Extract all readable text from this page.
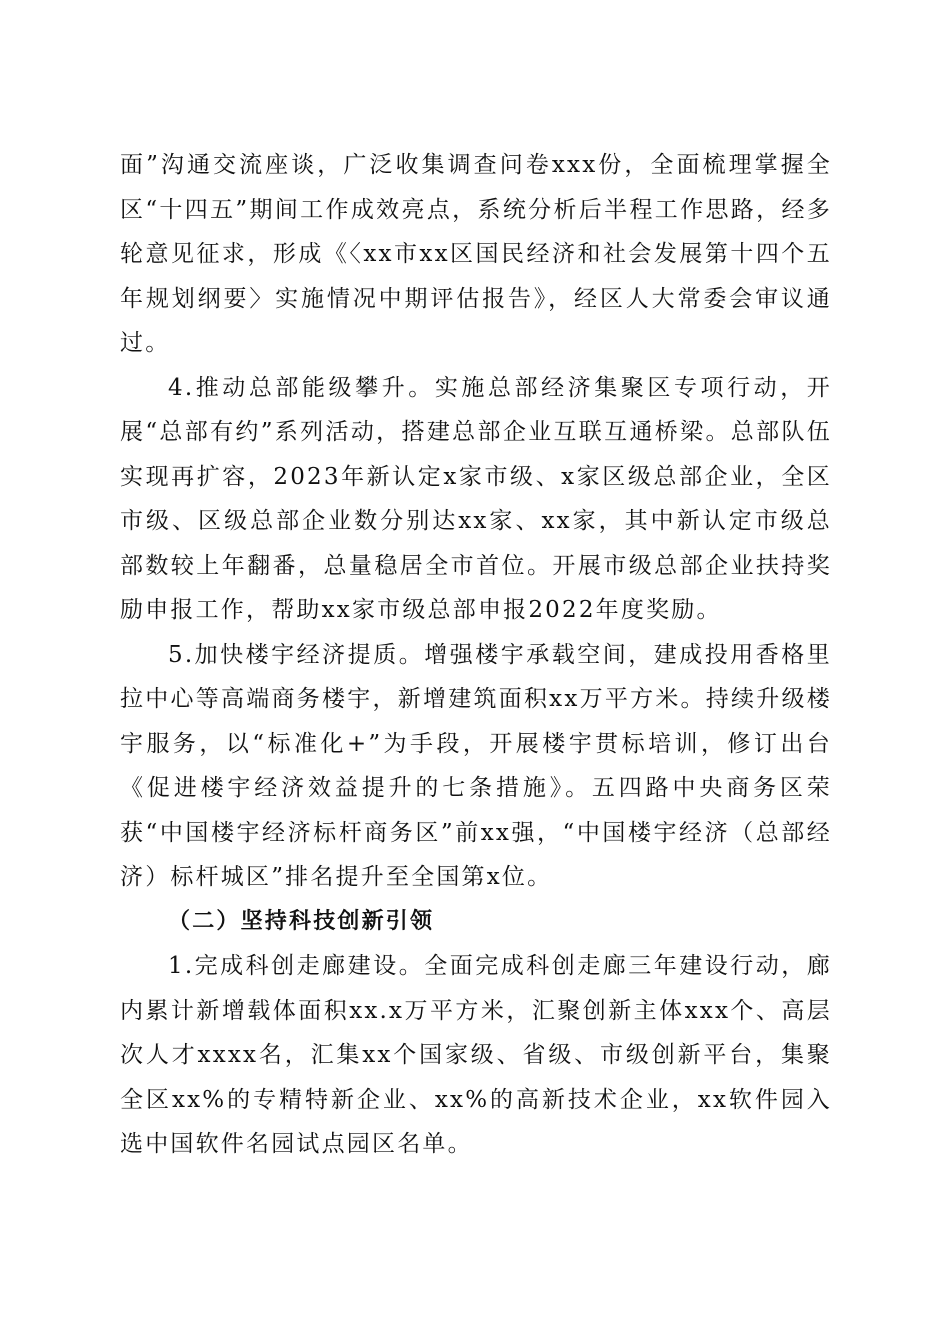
面”沟通交流座谈，广泛收集调查问卷xxx份，全面梳理掌握全区“十四五”期间工作成效亮点，系统分析后半程工作思路，经多轮意见征求，形成《〈xx市xx区国民经济和社会发展第十四个五年规划纲要〉实施情况中期评估报告》，经区人大常委会审议通过。

4.推动总部能级攀升。实施总部经济集聚区专项行动，开展“总部有约”系列活动，搭建总部企业互联互通桥梁。总部队伍实现再扩容，2023年新认定x家市级、x家区级总部企业，全区市级、区级总部企业数分别达xx家、xx家，其中新认定市级总部数较上年翻番，总量稳居全市首位。开展市级总部企业扶持奖励申报工作，帮助xx家市级总部申报2022年度奖励。

5.加快楼宇经济提质。增强楼宇承载空间，建成投用香格里拉中心等高端商务楼宇，新增建筑面积xx万平方米。持续升级楼宇服务，以“标准化+”为手段，开展楼宇贯标培训，修订出台《促进楼宇经济效益提升的七条措施》。五四路中央商务区荣获“中国楼宇经济标杆商务区”前xx强，“中国楼宇经济（总部经济）标杆城区”排名提升至全国第x位。

（二）坚持科技创新引领

1.完成科创走廊建设。全面完成科创走廊三年建设行动，廊内累计新增载体面积xx.x万平方米，汇聚创新主体xxx个、高层次人才xxxx名，汇集xx个国家级、省级、市级创新平台，集聚全区xx%的专精特新企业、xx%的高新技术企业，xx软件园入选中国软件名园试点园区名单。
